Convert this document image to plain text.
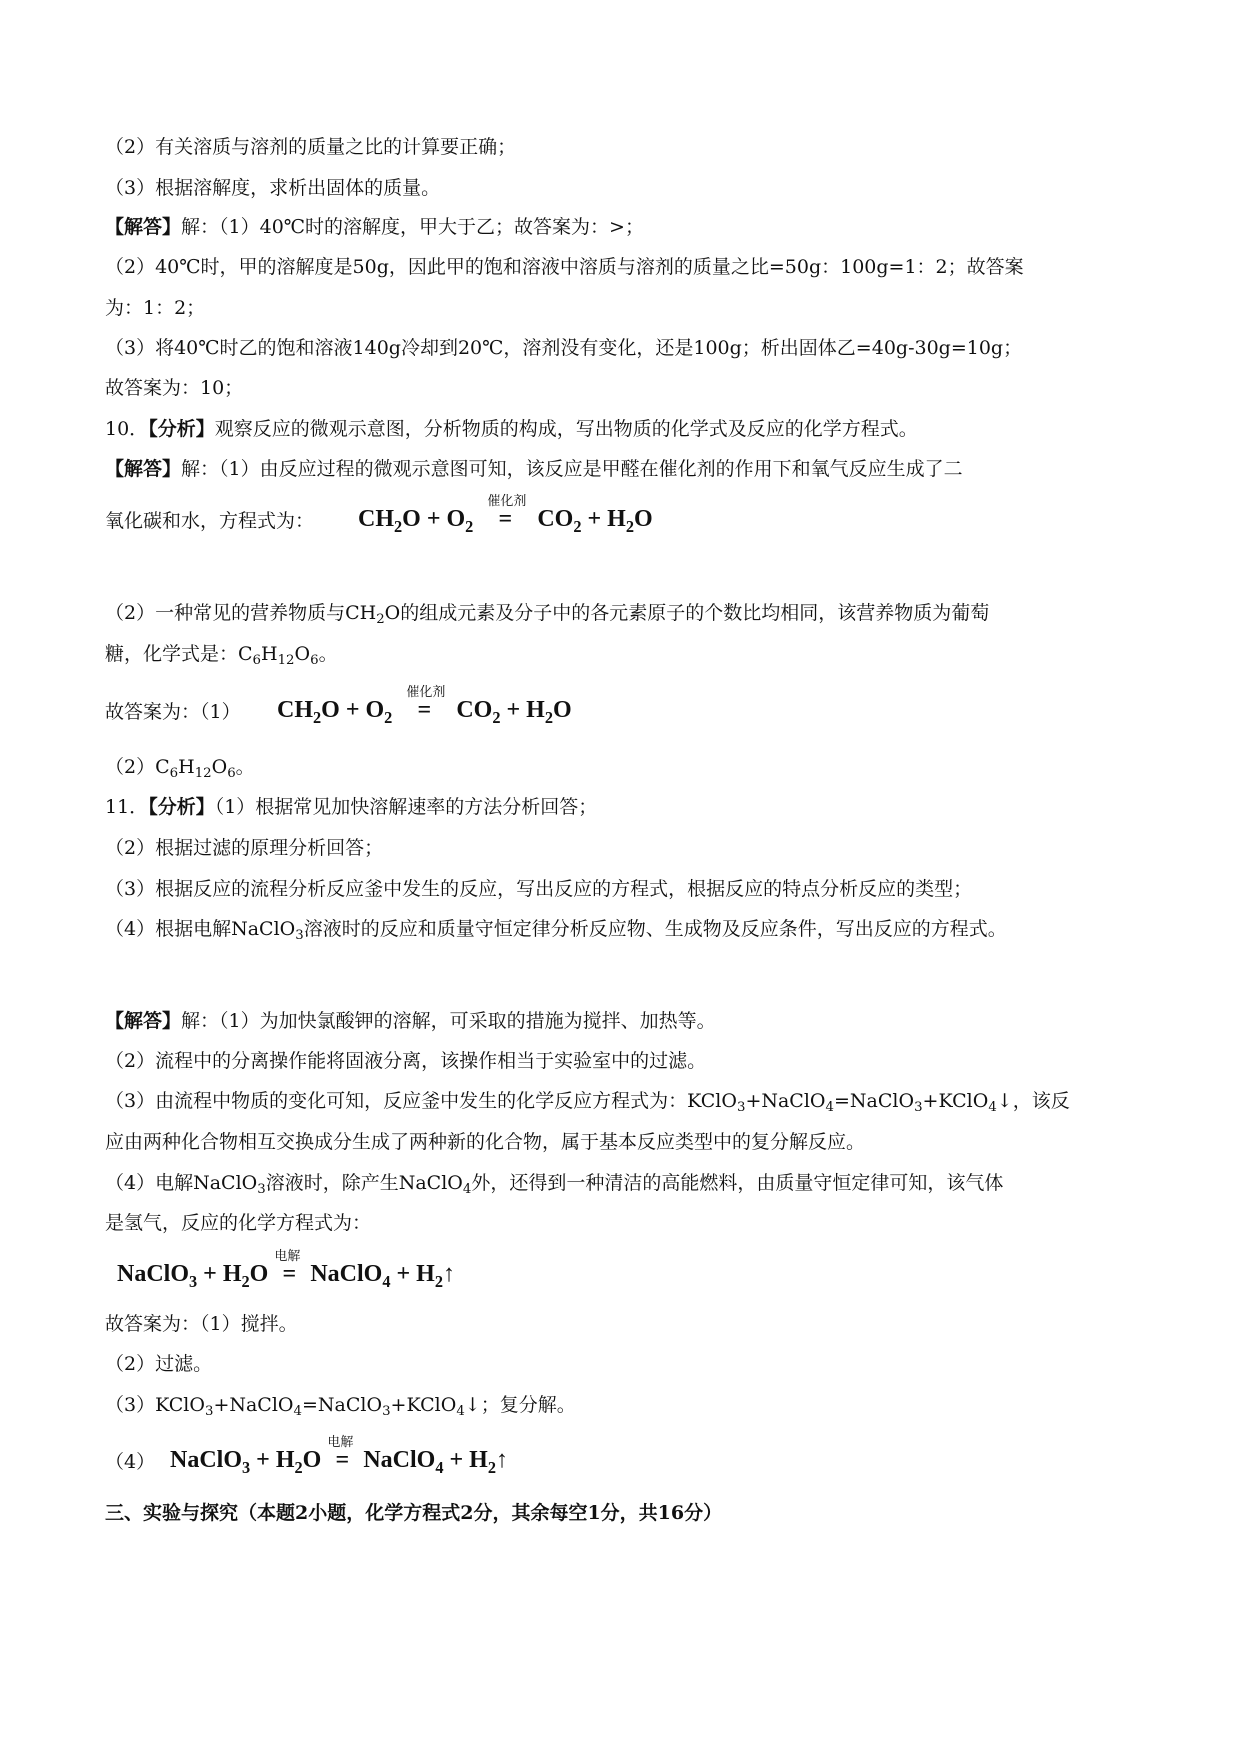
（2）有关溶质与溶剂的质量之比的计算要正确；
（3）根据溶解度，求析出固体的质量。
【解答】解：（1）40℃时的溶解度，甲大于乙；故答案为：>；
（2）40℃时，甲的溶解度是50g，因此甲的饱和溶液中溶质与溶剂的质量之比=50g：100g=1：2；故答案
为：1：2；
（3）将40℃时乙的饱和溶液140g冷却到20℃，溶剂没有变化，还是100g；析出固体乙=40g-30g=10g；
故答案为：10；
10．【分析】观察反应的微观示意图，分析物质的构成，写出物质的化学式及反应的化学方程式。
【解答】解：（1）由反应过程的微观示意图可知，该反应是甲醛在催化剂的作用下和氧气反应生成了二
氧化碳和水，方程式为： $CH_2O + O_2$
催化剂
= $CO_2 + H_2O$
（2）一种常见的营养物质与$CH_2O$的组成元素及分子中的各元素原子的个数比均相同，该营养物质为葡萄
糖，化学式是：$C_6H_{12}O_6$。
故答案为：（1） $CH_2O + O_2$
催化剂
= $CO_2 + H_2O$
$(2)C_6H_{12}O_6$。
11．【分析】（1）根据常见加快溶解速率的方法分析回答；
（2）根据过滤的原理分析回答；
（3）根据反应的流程分析反应釜中发生的反应，写出反应的方程式，根据反应的特点分析反应的类型；
（4）根据电解NaClO$_3$溶液时的反应和质量守恒定律分析反应物、生成物及反应条件，写出反应的方程式。
【解答】解：（1）为加快氯酸钾的溶解，可采取的措施为搅拌、加热等。
（2）流程中的分离操作能将固液分离，该操作相当于实验室中的过滤。
（3）由流程中物质的变化可知，反应釜中发生的化学反应方程式为：KClO$_3$+NaClO$_4$=NaClO$_3$+KClO$_4$↓，该反
应由两种化合物相互交换成分生成了两种新的化合物，属于基本反应类型中的复分解反应。
（4）电解NaClO$_3$溶液时，除产生NaClO$_4$外，还得到一种清洁的高能燃料，由质量守恒定律可知，该气体
是氢气，反应的化学方程式为：
NaClO$_3$ + $H_2O$
电解
= NaClO$_4$ + $H_2↑$
故答案为：（1）搅拌。
（2）过滤。
（3）KClO$_3$+NaClO$_4$=NaClO$_3$+KClO$_4$↓；复分解。
（4） NaClO$_3$ + $H_2O$
电解
= NaClO$_4$ + $H_2↑$
三、实验与探究（本题2小题，化学方程式2分，其余每空1分，共16分）
